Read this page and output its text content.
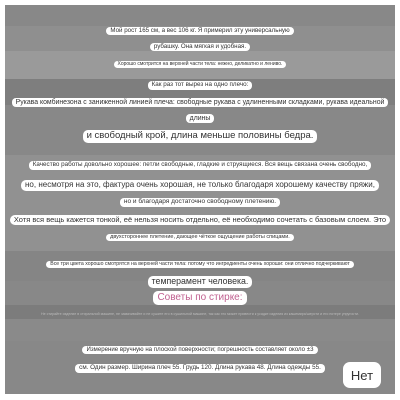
Мой рост 165 см, а вес 106 кг. Я примерил эту универсальную
рубашку. Она мягкая и удобная.
Хорошо смотрится на верхней части тела: нежно, деликатно и ленивo.
Как раз тот вырез на одно плечо:
Рукава комбинезона с заниженной линией плеча: свободные рукава с удлиненными складками, рукава идеальной
длины
и свободный крой, длина меньше половины бедра.
Качество работы довольно хорошее: петли свободные, гладкие и струящиеся. Вся вещь связана очень свободно,
но, несмотря на это, фактура очень хорошая, не только благодаря хорошему качеству пряжи,
но и благодаря достаточно свободному плетению.
Хотя вся вещь кажется тонкой, её нельзя носить отдельно, её необходимо сочетать с базовым слоем. Это
двухстороннее плетение, дающее чёткое ощущение работы спицами.
Все три цвета хорошо смотрятся на верхней части тела: потому что ингредиенты очень хороши: они отлично подчеркивают
темперамент человека.
Советы по стирке:
Не стирайте изделие в стиральной машине, не замачивайте и не сушите его в сушильной машине, так как это может привести к усадке изделия из кашемира/шерсти и его потере упругости.
Измерение вручную на плоской поверхности; погрешность составляет около ±3
см. Один размер. Ширина плеч 55. Грудь 120. Длина рукава 48. Длина одежды 55.	Нет
